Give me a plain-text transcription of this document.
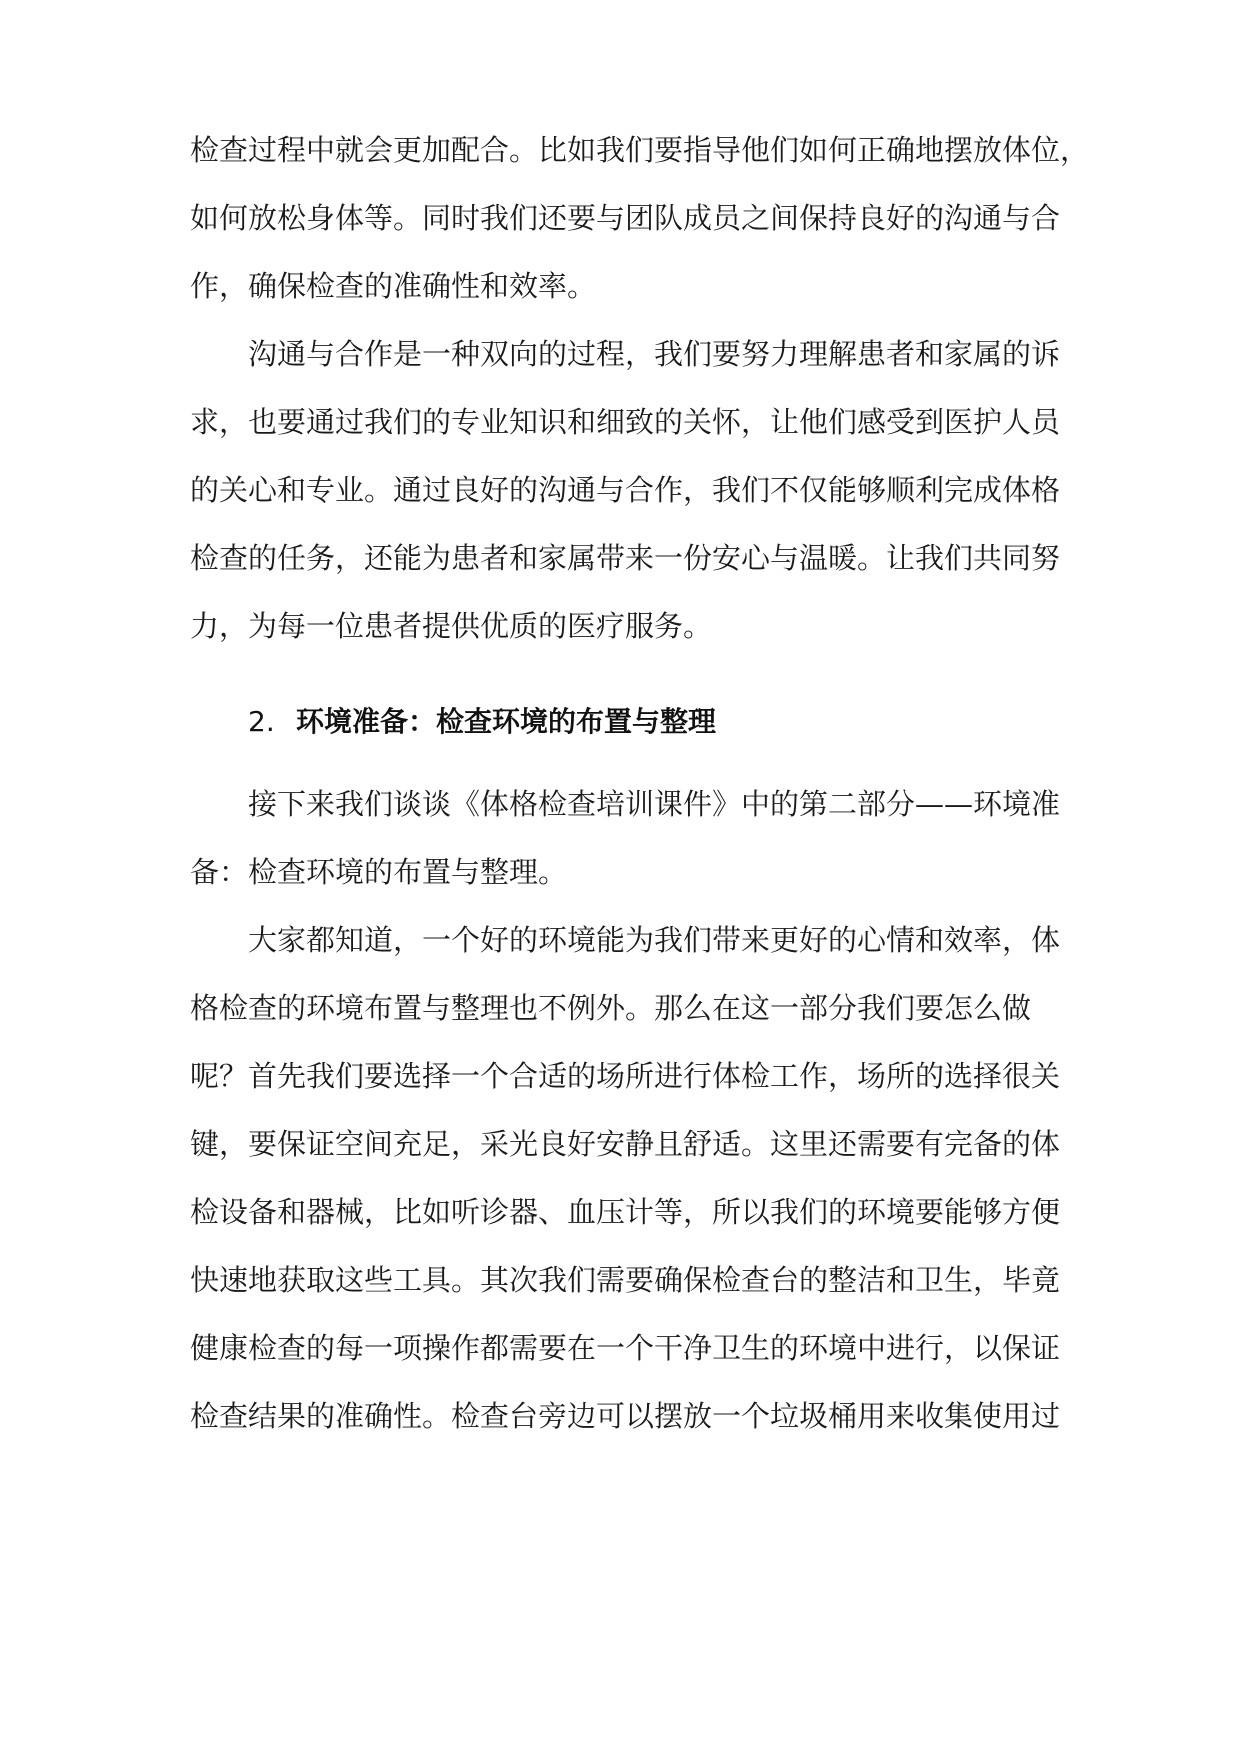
检查过程中就会更加配合。比如我们要指导他们如何正确地摆放体位，
如何放松身体等。同时我们还要与团队成员之间保持良好的沟通与合
作，确保检查的准确性和效率。
沟通与合作是一种双向的过程，我们要努力理解患者和家属的诉
求，也要通过我们的专业知识和细致的关怀，让他们感受到医护人员
的关心和专业。通过良好的沟通与合作，我们不仅能够顺利完成体格
检查的任务，还能为患者和家属带来一份安心与温暖。让我们共同努
力，为每一位患者提供优质的医疗服务。
2. 环境准备：检查环境的布置与整理
接下来我们谈谈《体格检查培训课件》中的第二部分——环境准
备：检查环境的布置与整理。
大家都知道，一个好的环境能为我们带来更好的心情和效率，体
格检查的环境布置与整理也不例外。那么在这一部分我们要怎么做
呢？首先我们要选择一个合适的场所进行体检工作，场所的选择很关
键，要保证空间充足，采光良好安静且舒适。这里还需要有完备的体
检设备和器械，比如听诊器、血压计等，所以我们的环境要能够方便
快速地获取这些工具。其次我们需要确保检查台的整洁和卫生，毕竟
健康检查的每一项操作都需要在一个干净卫生的环境中进行，以保证
检查结果的准确性。检查台旁边可以摆放一个垃圾桶用来收集使用过
